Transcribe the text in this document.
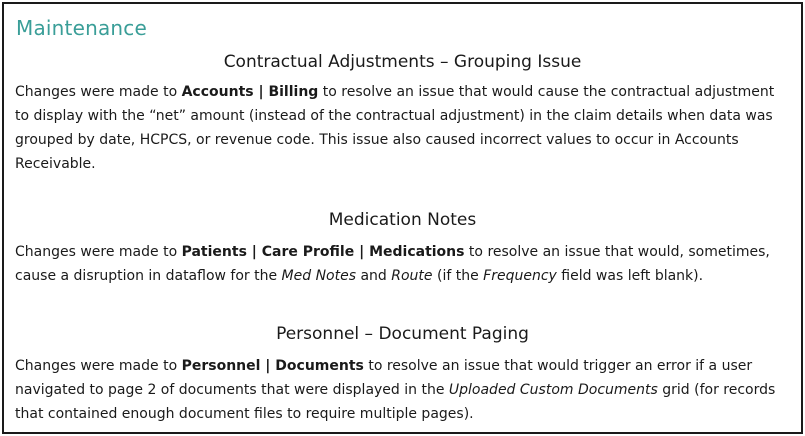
Maintenance
Contractual Adjustments – Grouping Issue
Changes were made to Accounts | Billing to resolve an issue that would cause the contractual adjustment
to display with the “net” amount (instead of the contractual adjustment) in the claim details when data was
grouped by date, HCPCS, or revenue code. This issue also caused incorrect values to occur in Accounts
Receivable.
Medication Notes
Changes were made to Patients | Care Profile | Medications to resolve an issue that would, sometimes,
cause a disruption in dataflow for the Med Notes and Route (if the Frequency field was left blank).
Personnel – Document Paging
Changes were made to Personnel | Documents to resolve an issue that would trigger an error if a user
navigated to page 2 of documents that were displayed in the Uploaded Custom Documents grid (for records
that contained enough document files to require multiple pages).
